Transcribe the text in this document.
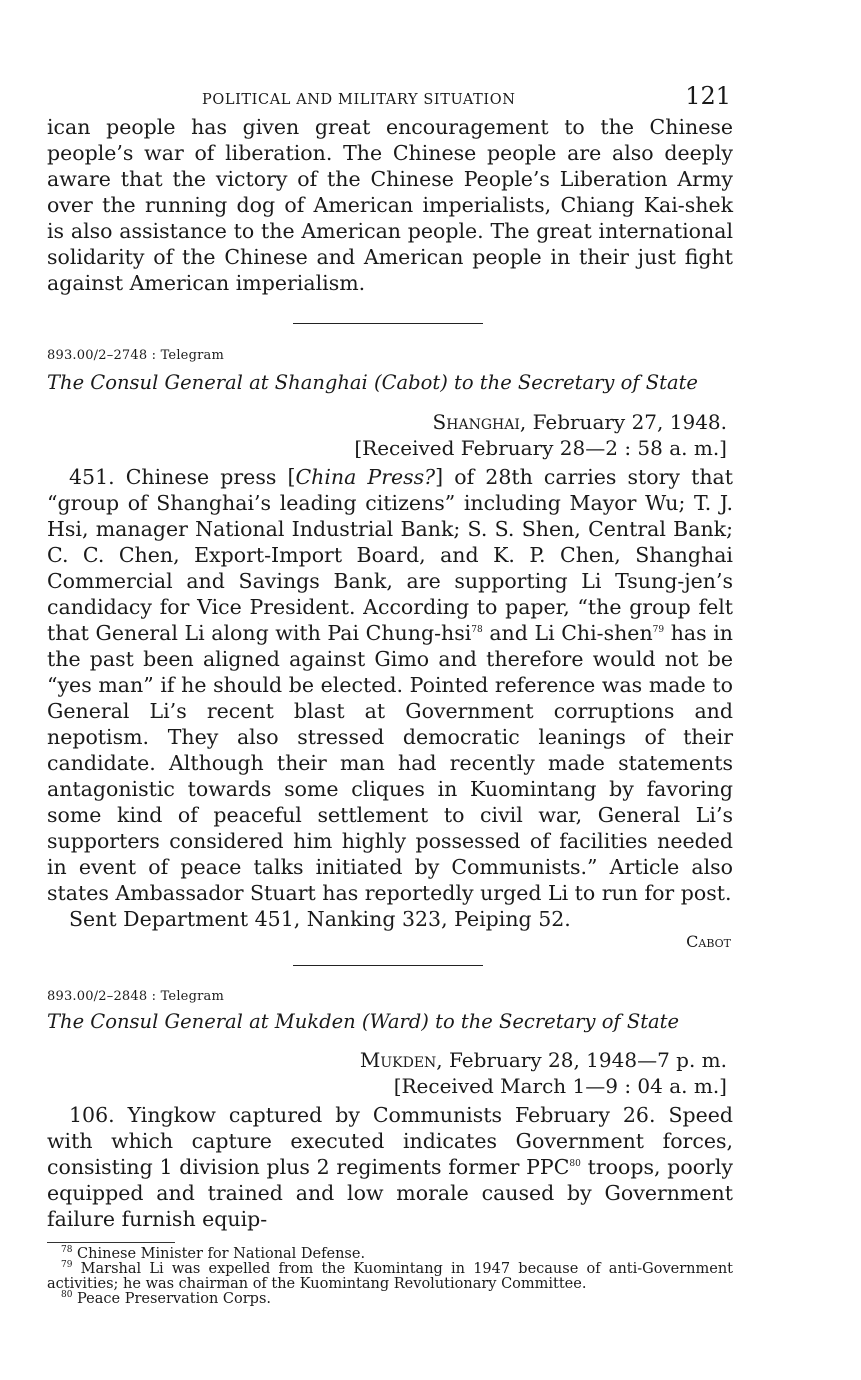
POLITICAL AND MILITARY SITUATION	121

ican people has given great encouragement to the Chinese people’s war of liberation. The Chinese people are also deeply aware that the victory of the Chinese People’s Liberation Army over the running dog of American imperialists, Chiang Kai-shek is also assistance to the American people. The great international solidarity of the Chinese and American people in their just fight against American imperialism.

893.00/2–2748 : Telegram

The Consul General at Shanghai (Cabot) to the Secretary of State

Shanghai, February 27, 1948.

[Received February 28—2 : 58 a. m.]

451. Chinese press [China Press?] of 28th carries story that “group of Shanghai’s leading citizens” including Mayor Wu; T. J. Hsi, manager National Industrial Bank; S. S. Shen, Central Bank; C. C. Chen, Export-Import Board, and K. P. Chen, Shanghai Commercial and Savings Bank, are supporting Li Tsung-jen’s candidacy for Vice President. According to paper, “the group felt that General Li along with Pai Chung-hsi$^{78}$ and Li Chi-shen$^{79}$ has in the past been aligned against Gimo and therefore would not be “yes man” if he should be elected. Pointed reference was made to General Li’s recent blast at Government corruptions and nepotism. They also stressed democratic leanings of their candidate. Although their man had recently made statements antagonistic towards some cliques in Kuomintang by favoring some kind of peaceful settlement to civil war, General Li’s supporters considered him highly possessed of facilities needed in event of peace talks initiated by Communists.” Article also states Ambassador Stuart has reportedly urged Li to run for post.

Sent Department 451, Nanking 323, Peiping 52.

Cabot

893.00/2–2848 : Telegram

The Consul General at Mukden (Ward) to the Secretary of State

Mukden, February 28, 1948—7 p. m.

[Received March 1—9 : 04 a. m.]

106. Yingkow captured by Communists February 26. Speed with which capture executed indicates Government forces, consisting 1 division plus 2 regiments former PPC$^{80}$ troops, poorly equipped and trained and low morale caused by Government failure furnish equip-

$^{78}$ Chinese Minister for National Defense.

$^{79}$ Marshal Li was expelled from the Kuomintang in 1947 because of anti-Government activities; he was chairman of the Kuomintang Revolutionary Committee.

$^{80}$ Peace Preservation Corps.
